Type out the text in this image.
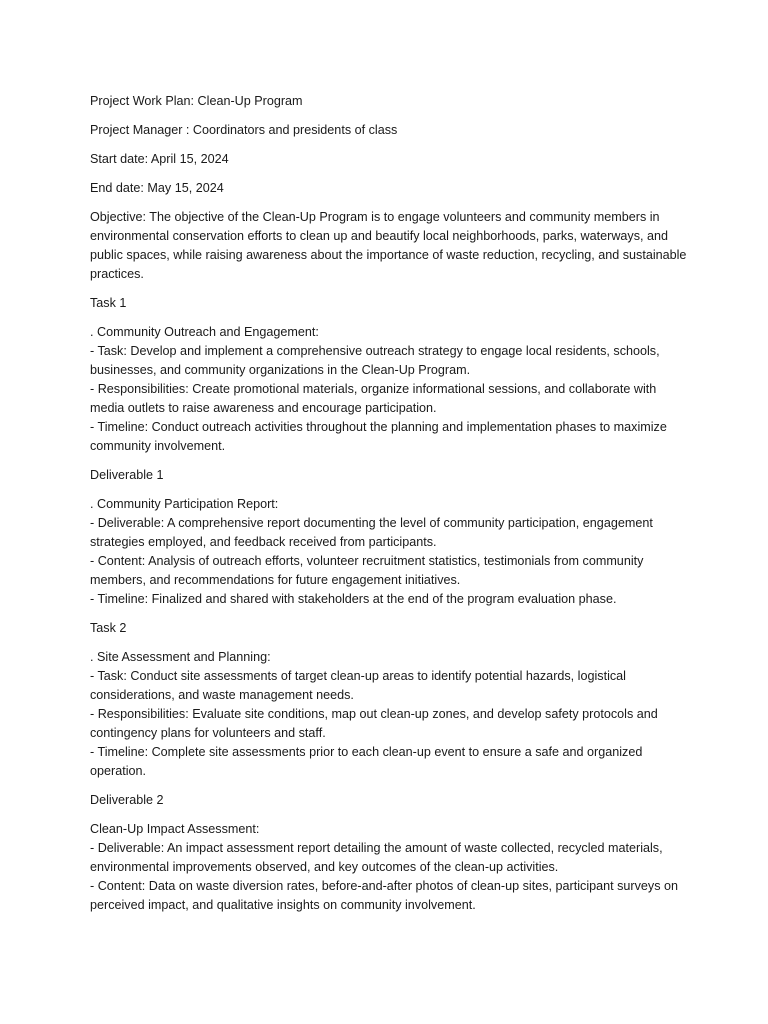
Project Work Plan: Clean-Up Program

Project Manager : Coordinators and presidents of class

Start date: April 15, 2024

End date: May 15, 2024

Objective: The objective of the Clean-Up Program is to engage volunteers and community members in environmental conservation efforts to clean up and beautify local neighborhoods, parks, waterways, and public spaces, while raising awareness about the importance of waste reduction, recycling, and sustainable practices.

Task 1

. Community Outreach and Engagement:
- Task: Develop and implement a comprehensive outreach strategy to engage local residents, schools, businesses, and community organizations in the Clean-Up Program.
- Responsibilities: Create promotional materials, organize informational sessions, and collaborate with media outlets to raise awareness and encourage participation.
- Timeline: Conduct outreach activities throughout the planning and implementation phases to maximize community involvement.

Deliverable 1

. Community Participation Report:
- Deliverable: A comprehensive report documenting the level of community participation, engagement strategies employed, and feedback received from participants.
- Content: Analysis of outreach efforts, volunteer recruitment statistics, testimonials from community members, and recommendations for future engagement initiatives.
- Timeline: Finalized and shared with stakeholders at the end of the program evaluation phase.

Task 2

. Site Assessment and Planning:
- Task: Conduct site assessments of target clean-up areas to identify potential hazards, logistical considerations, and waste management needs.
- Responsibilities: Evaluate site conditions, map out clean-up zones, and develop safety protocols and contingency plans for volunteers and staff.
- Timeline: Complete site assessments prior to each clean-up event to ensure a safe and organized operation.

Deliverable 2

Clean-Up Impact Assessment:
- Deliverable: An impact assessment report detailing the amount of waste collected, recycled materials, environmental improvements observed, and key outcomes of the clean-up activities.
- Content: Data on waste diversion rates, before-and-after photos of clean-up sites, participant surveys on perceived impact, and qualitative insights on community involvement.
